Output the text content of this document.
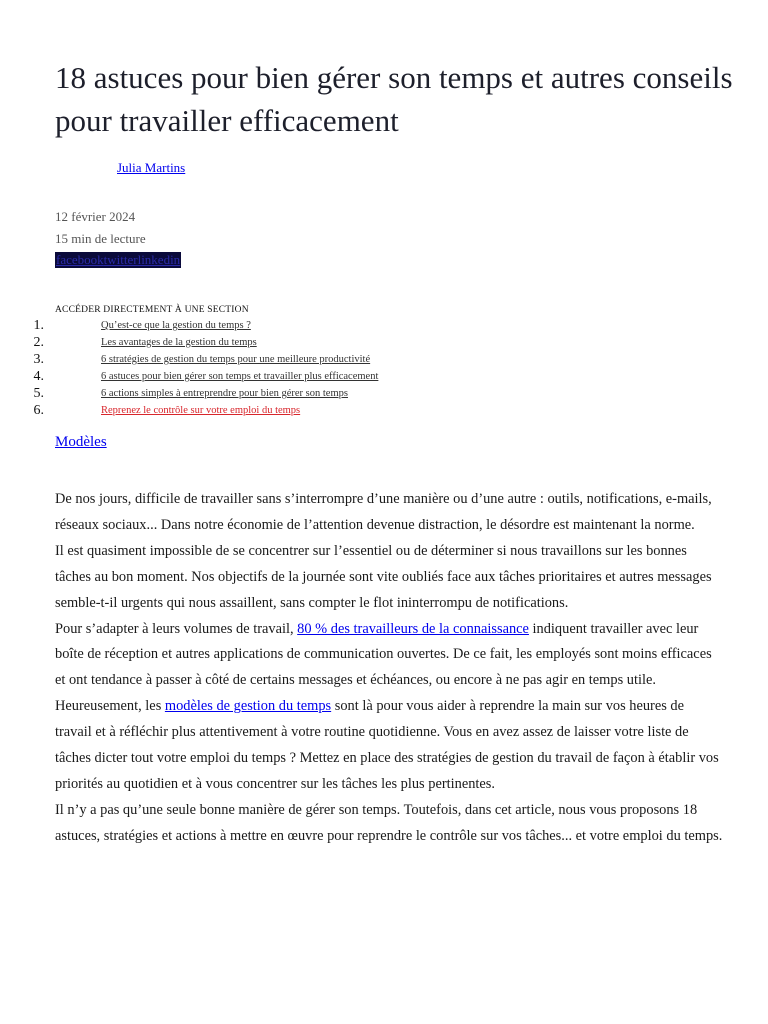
18 astuces pour bien gérer son temps et autres conseils pour travailler efficacement
Julia Martins
12 février 2024
15 min de lecture
facebooktwitterlinkedin
ACCÉDER DIRECTEMENT À UNE SECTION
1.	Qu’est-ce que la gestion du temps ?
2.	Les avantages de la gestion du temps
3.	6 stratégies de gestion du temps pour une meilleure productivité
4.	6 astuces pour bien gérer son temps et travailler plus efficacement
5.	6 actions simples à entreprendre pour bien gérer son temps
6.	Reprenez le contrôle sur votre emploi du temps
Modèles

De nos jours, difficile de travailler sans s’interrompre d’une manière ou d’une autre : outils, notifications, e-mails, réseaux sociaux... Dans notre économie de l’attention devenue distraction, le désordre est maintenant la norme.

Il est quasiment impossible de se concentrer sur l’essentiel ou de déterminer si nous travaillons sur les bonnes tâches au bon moment. Nos objectifs de la journée sont vite oubliés face aux tâches prioritaires et autres messages semble-t-il urgents qui nous assaillent, sans compter le flot ininterrompu de notifications.

Pour s’adapter à leurs volumes de travail, 80 % des travailleurs de la connaissance indiquent travailler avec leur boîte de réception et autres applications de communication ouvertes. De ce fait, les employés sont moins efficaces et ont tendance à passer à côté de certains messages et échéances, ou encore à ne pas agir en temps utile.

Heureusement, les modèles de gestion du temps sont là pour vous aider à reprendre la main sur vos heures de travail et à réfléchir plus attentivement à votre routine quotidienne. Vous en avez assez de laisser votre liste de tâches dicter tout votre emploi du temps ? Mettez en place des stratégies de gestion du travail de façon à établir vos priorités au quotidien et à vous concentrer sur les tâches les plus pertinentes.

Il n’y a pas qu’une seule bonne manière de gérer son temps. Toutefois, dans cet article, nous vous proposons 18 astuces, stratégies et actions à mettre en œuvre pour reprendre le contrôle sur vos tâches... et votre emploi du temps.
